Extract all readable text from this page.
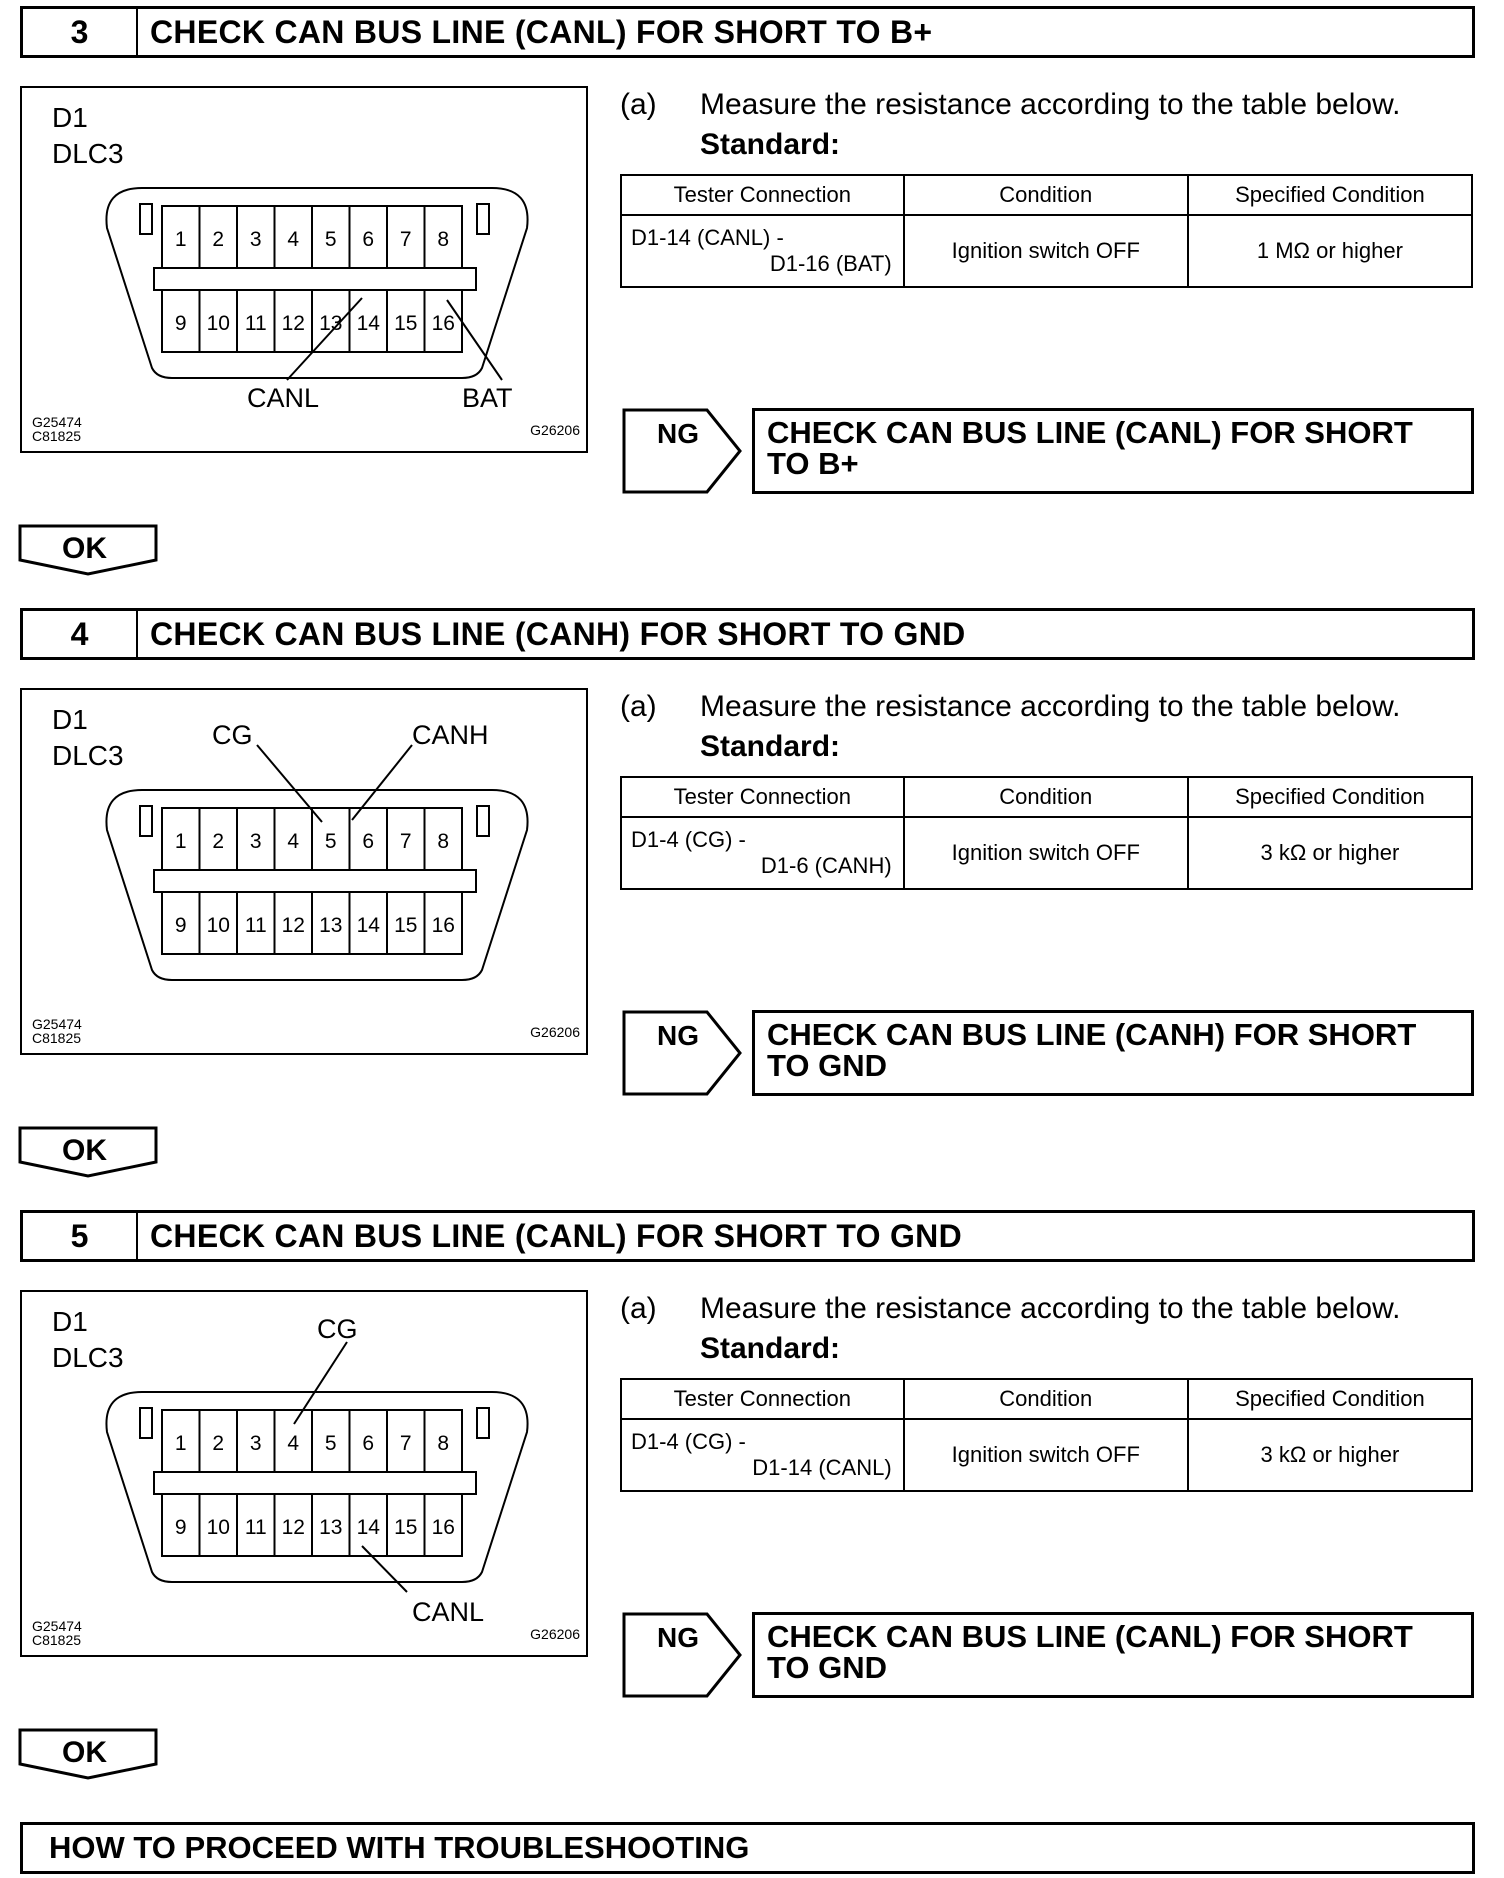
3	CHECK CAN BUS LINE (CANL) FOR SHORT TO B+
1 2 3 4 5 6 7 8
9 10 11 12 13 14 15 16
D1
DLC3
G25474
C81825	G26206
CANL	BAT
(a) Measure the resistance according to the table below.
Standard:
Tester Connection	Condition	Specified Condition

D1-14 (CANL) -
D1-16 (BAT)	Ignition switch OFF	1 MΩ or higher
NG	CHECK CAN BUS LINE (CANL) FOR SHORT TO B+
OK
4	CHECK CAN BUS LINE (CANH) FOR SHORT TO GND
1 2 3 4 5 6 7 8
9 10 11 12 13 14 15 16
D1
DLC3
G25474
C81825	G26206
CG	CANH
(a) Measure the resistance according to the table below.
Standard:
Tester Connection	Condition	Specified Condition

D1-4 (CG) -
D1-6 (CANH)	Ignition switch OFF	3 kΩ or higher
NG	CHECK CAN BUS LINE (CANH) FOR SHORT TO GND
OK
5	CHECK CAN BUS LINE (CANL) FOR SHORT TO GND
1 2 3 4 5 6 7 8
9 10 11 12 13 14 15 16
D1
DLC3
G25474
C81825	G26206
CG
CANL
(a) Measure the resistance according to the table below.
Standard:
Tester Connection	Condition	Specified Condition

D1-4 (CG) -
D1-14 (CANL)	Ignition switch OFF	3 kΩ or higher
NG	CHECK CAN BUS LINE (CANL) FOR SHORT TO GND
OK
HOW TO PROCEED WITH TROUBLESHOOTING
